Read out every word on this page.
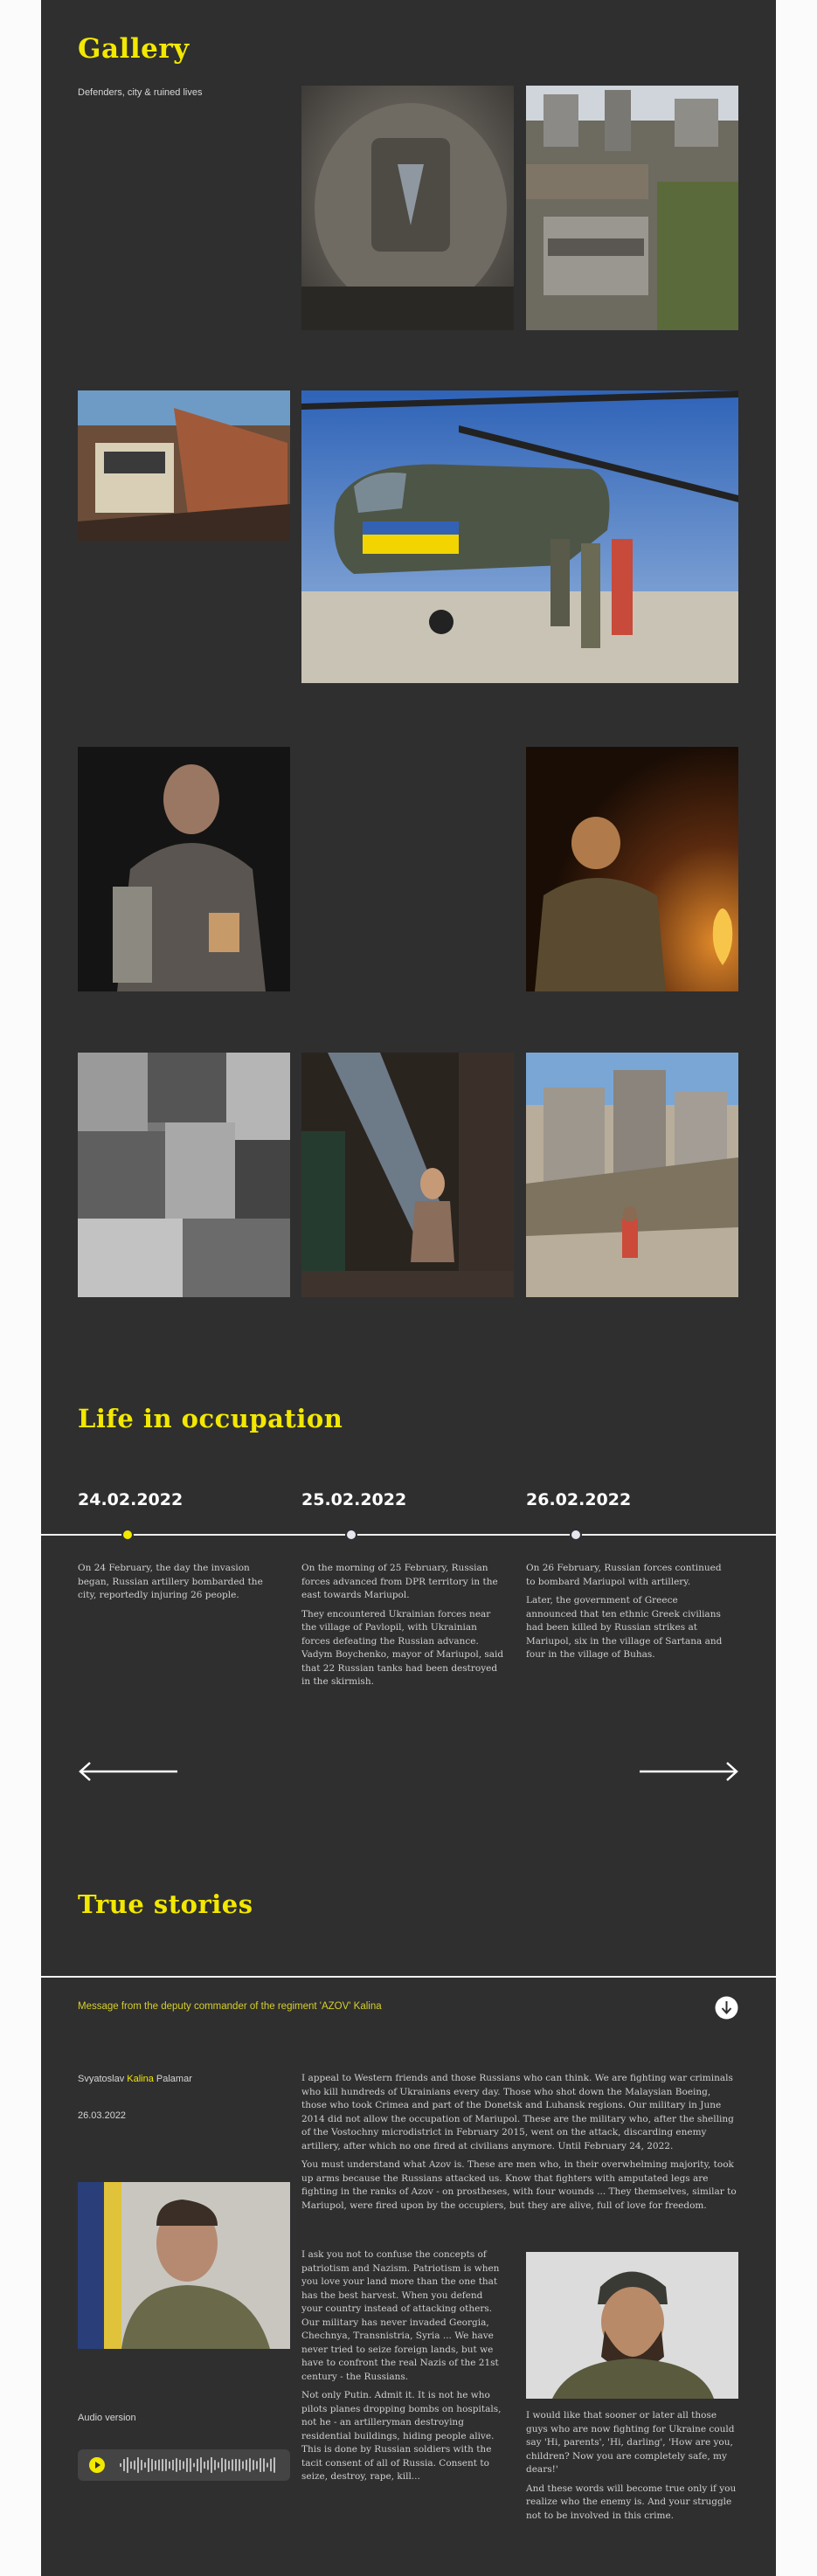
Gallery
Defenders, city & ruined lives
Life in occupation
24.02.2022	25.02.2022	26.02.2022

On 24 February, the day the invasion began, Russian artillery bombarded the city, reportedly injuring 26 people.

On the morning of 25 February, Russian forces advanced from DPR territory in the east towards Mariupol.

They encountered Ukrainian forces near the village of Pavlopil, with Ukrainian forces defeating the Russian advance. Vadym Boychenko, mayor of Mariupol, said that 22 Russian tanks had been destroyed in the skirmish.

On 26 February, Russian forces continued to bombard Mariupol with artillery.

Later, the government of Greece announced that ten ethnic Greek civilians had been killed by Russian strikes at Mariupol, six in the village of Sartana and four in the village of Buhas.

True stories
Message from the deputy commander of the regiment 'AZOV' Kalina
Svyatoslav Kalina Palamar
26.03.2022

I appeal to Western friends and those Russians who can think. We are fighting war criminals who kill hundreds of Ukrainians every day. Those who shot down the Malaysian Boeing, those who took Crimea and part of the Donetsk and Luhansk regions. Our military in June 2014 did not allow the occupation of Mariupol. These are the military who, after the shelling of the Vostochny microdistrict in February 2015, went on the attack, discarding enemy artillery, after which no one fired at civilians anymore. Until February 24, 2022.

You must understand what Azov is. These are men who, in their overwhelming majority, took up arms because the Russians attacked us. Know that fighters with amputated legs are fighting in the ranks of Azov - on prostheses, with four wounds ... They themselves, similar to Mariupol, were fired upon by the occupiers, but they are alive, full of love for freedom.

I ask you not to confuse the concepts of patriotism and Nazism. Patriotism is when you love your land more than the one that has the best harvest. When you defend your country instead of attacking others. Our military has never invaded Georgia, Chechnya, Transnistria, Syria ... We have never tried to seize foreign lands, but we have to confront the real Nazis of the 21st century - the Russians.

Not only Putin. Admit it. It is not he who pilots planes dropping bombs on hospitals, not he - an artilleryman destroying residential buildings, hiding people alive. This is done by Russian soldiers with the tacit consent of all of Russia. Consent to seize, destroy, rape, kill...

I would like that sooner or later all those guys who are now fighting for Ukraine could say 'Hi, parents', 'Hi, darling', 'How are you, children? Now you are completely safe, my dears!'

And these words will become true only if you realize who the enemy is. And your struggle not to be involved in this crime.

Audio version
